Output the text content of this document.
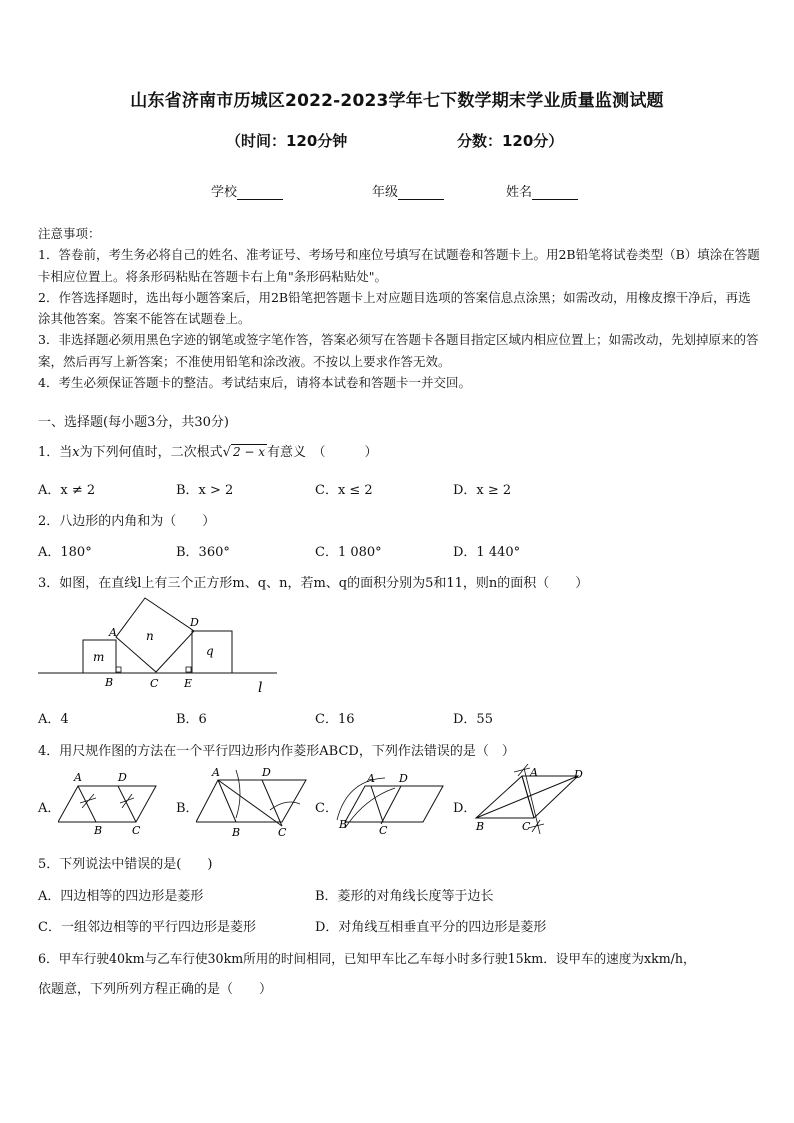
山东省济南市历城区2022-2023学年七下数学期末学业质量监测试题
（时间：120分钟	分数：120分）
学校	年级	姓名

注意事项：

1．答卷前，考生务必将自己的姓名、准考证号、考场号和座位号填写在试题卷和答题卡上。用2B铅笔将试卷类型（B）填涂在答题卡相应位置上。将条形码粘贴在答题卡右上角"条形码粘贴处"。

2．作答选择题时，选出每小题答案后，用2B铅笔把答题卡上对应题目选项的答案信息点涂黑；如需改动，用橡皮擦干净后，再选涂其他答案。答案不能答在试题卷上。

3．非选择题必须用黑色字迹的钢笔或签字笔作答，答案必须写在答题卡各题目指定区域内相应位置上；如需改动，先划掉原来的答案，然后再写上新答案；不准使用铅笔和涂改液。不按以上要求作答无效。

4．考生必须保证答题卡的整洁。考试结束后，请将本试卷和答题卡一并交回。

一、选择题(每小题3分，共30分)
1．当x为下列何值时，二次根式√ 2 − x 有意义　（　　　）
A．x ≠ 2	B．x > 2	C．x ≤ 2	D．x ≥ 2
2．八边形的内角和为（　　）
A．180°	B．360°	C．1 080°	D．1 440°
3．如图，在直线l上有三个正方形m、q、n，若m、q的面积分别为5和11，则n的面积（　　）
A n
D
m	q
B	C E	l
A．4	B．6	C．16	D．55
4．用尺规作图的方法在一个平行四边形内作菱形ABCD，下列作法错误的是（　）
A．
A	D
B	C
B．
A	D
B	C
C．
A D
B	C
D．
A	D
B	C
5．下列说法中错误的是(　　)
A．四边相等的四边形是菱形	B．菱形的对角线长度等于边长
C．一组邻边相等的平行四边形是菱形	D．对角线互相垂直平分的四边形是菱形
6．甲车行驶40km与乙车行使30km所用的时间相同，已知甲车比乙车每小时多行驶15km．设甲车的速度为xkm/h，
依题意，下列所列方程正确的是（　　）
